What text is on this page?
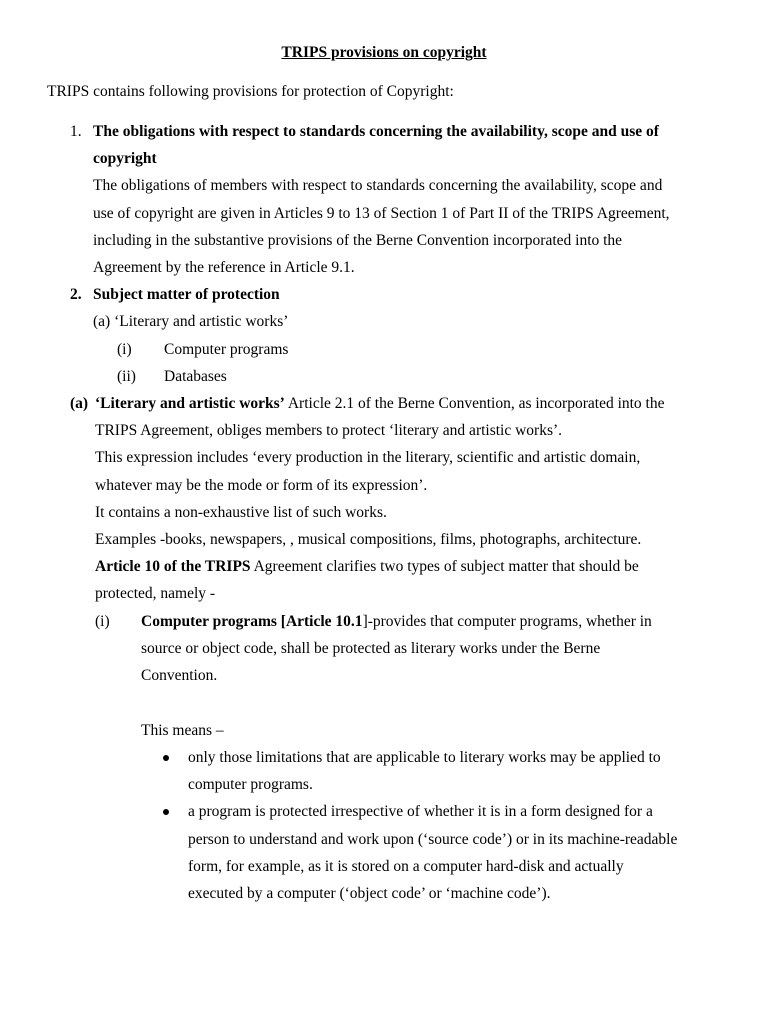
TRIPS provisions on copyright
TRIPS contains following provisions for protection of Copyright:
1. The obligations with respect to standards concerning the availability, scope and use of
copyright
The obligations of members with respect to standards concerning the availability, scope and
use of copyright are given in Articles 9 to 13 of Section 1 of Part II of the TRIPS Agreement,
including in the substantive provisions of the Berne Convention incorporated into the
Agreement by the reference in Article 9.1.
2. Subject matter of protection
(a) ‘Literary and artistic works’
(i) Computer programs
(ii) Databases
(a) ‘Literary and artistic works’ Article 2.1 of the Berne Convention, as incorporated into the
TRIPS Agreement, obliges members to protect ‘literary and artistic works’.
This expression includes ‘every production in the literary, scientific and artistic domain,
whatever may be the mode or form of its expression’.
It contains a non-exhaustive list of such works.
Examples -books, newspapers, , musical compositions, films, photographs, architecture.
Article 10 of the TRIPS Agreement clarifies two types of subject matter that should be
protected, namely -
(i) Computer programs [Article 10.1]-provides that computer programs, whether in
source or object code, shall be protected as literary works under the Berne
Convention.
This means –
only those limitations that are applicable to literary works may be applied to
computer programs.
a program is protected irrespective of whether it is in a form designed for a
person to understand and work upon (‘source code’) or in its machine-readable
form, for example, as it is stored on a computer hard-disk and actually
executed by a computer (‘object code’ or ‘machine code’).
